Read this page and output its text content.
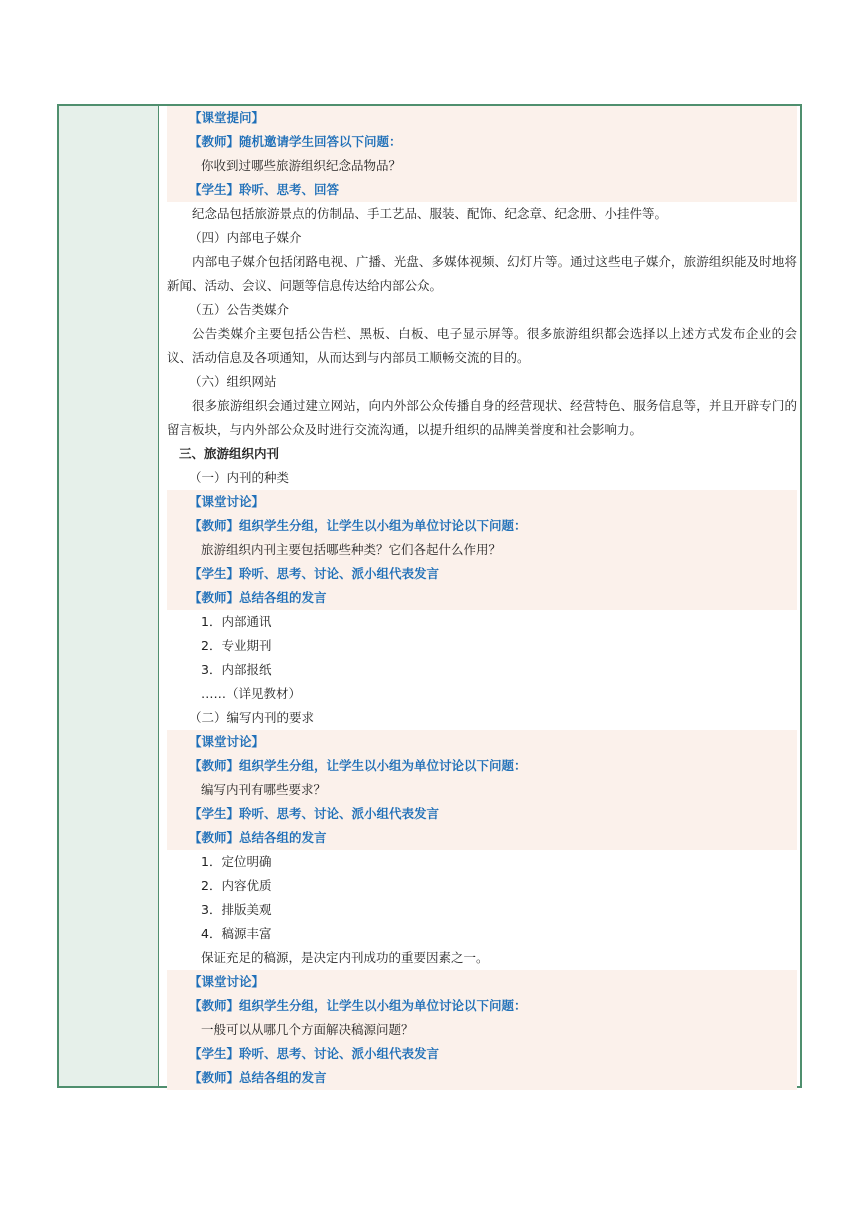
【课堂提问】
【教师】随机邀请学生回答以下问题：
你收到过哪些旅游组织纪念品物品？
【学生】聆听、思考、回答
纪念品包括旅游景点的仿制品、手工艺品、服装、配饰、纪念章、纪念册、小挂件等。
（四）内部电子媒介
内部电子媒介包括闭路电视、广播、光盘、多媒体视频、幻灯片等。通过这些电子媒介，旅游组织能及时地将新闻、活动、会议、问题等信息传达给内部公众。
（五）公告类媒介
公告类媒介主要包括公告栏、黑板、白板、电子显示屏等。很多旅游组织都会选择以上述方式发布企业的会议、活动信息及各项通知，从而达到与内部员工顺畅交流的目的。
（六）组织网站
很多旅游组织会通过建立网站，向内外部公众传播自身的经营现状、经营特色、服务信息等，并且开辟专门的留言板块，与内外部公众及时进行交流沟通，以提升组织的品牌美誉度和社会影响力。
三、旅游组织内刊
（一）内刊的种类
【课堂讨论】
【教师】组织学生分组，让学生以小组为单位讨论以下问题：
旅游组织内刊主要包括哪些种类？它们各起什么作用？
【学生】聆听、思考、讨论、派小组代表发言
【教师】总结各组的发言
1．内部通讯
2．专业期刊
3．内部报纸
……（详见教材）
（二）编写内刊的要求
【课堂讨论】
【教师】组织学生分组，让学生以小组为单位讨论以下问题：
编写内刊有哪些要求？
【学生】聆听、思考、讨论、派小组代表发言
【教师】总结各组的发言
1．定位明确
2．内容优质
3．排版美观
4．稿源丰富
保证充足的稿源，是决定内刊成功的重要因素之一。
【课堂讨论】
【教师】组织学生分组，让学生以小组为单位讨论以下问题：
一般可以从哪几个方面解决稿源问题？
【学生】聆听、思考、讨论、派小组代表发言
【教师】总结各组的发言
